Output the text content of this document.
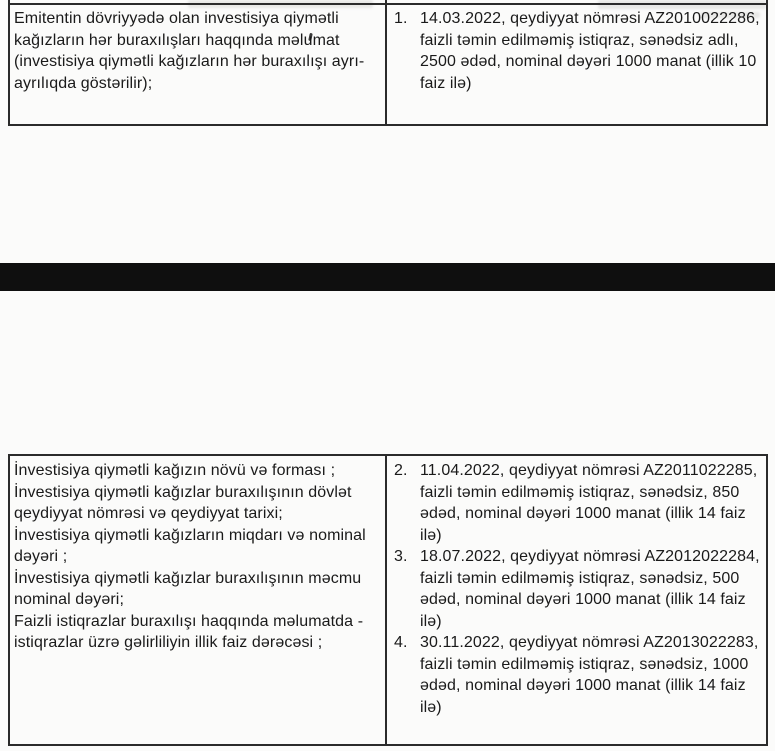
Emitentin dövriyyədə olan investisiya qiymətli kağızların hər buraxılışları haqqında məlumat (investisiya qiymətli kağızların hər buraxılışı ayrı-ayrılıqda göstərilir);
1. 14.03.2022, qeydiyyat nömrəsi AZ2010022286, faizli təmin edilməmiş istiqraz, sənədsiz adlı, 2500 ədəd, nominal dəyəri 1000 manat (illik 10 faiz ilə)
İnvestisiya qiymətli kağızın növü və forması ;
İnvestisiya qiymətli kağızlar buraxılışının dövlət qeydiyyat nömrəsi və qeydiyyat tarixi;
İnvestisiya qiymətli kağızların miqdarı və nominal dəyəri ;
İnvestisiya qiymətli kağızlar buraxılışının məcmu nominal dəyəri;
Faizli istiqrazlar buraxılışı haqqında məlumatda - istiqrazlar üzrə gəlirliliyin illik faiz dərəcəsi ;
2. 11.04.2022, qeydiyyat nömrəsi AZ2011022285, faizli təmin edilməmiş istiqraz, sənədsiz, 850 ədəd, nominal dəyəri 1000 manat (illik 14 faiz ilə)
3. 18.07.2022, qeydiyyat nömrəsi AZ2012022284, faizli təmin edilməmiş istiqraz, sənədsiz, 500 ədəd, nominal dəyəri 1000 manat (illik 14 faiz ilə)
4. 30.11.2022, qeydiyyat nömrəsi AZ2013022283, faizli təmin edilməmiş istiqraz, sənədsiz, 1000 ədəd, nominal dəyəri 1000 manat (illik 14 faiz ilə)
